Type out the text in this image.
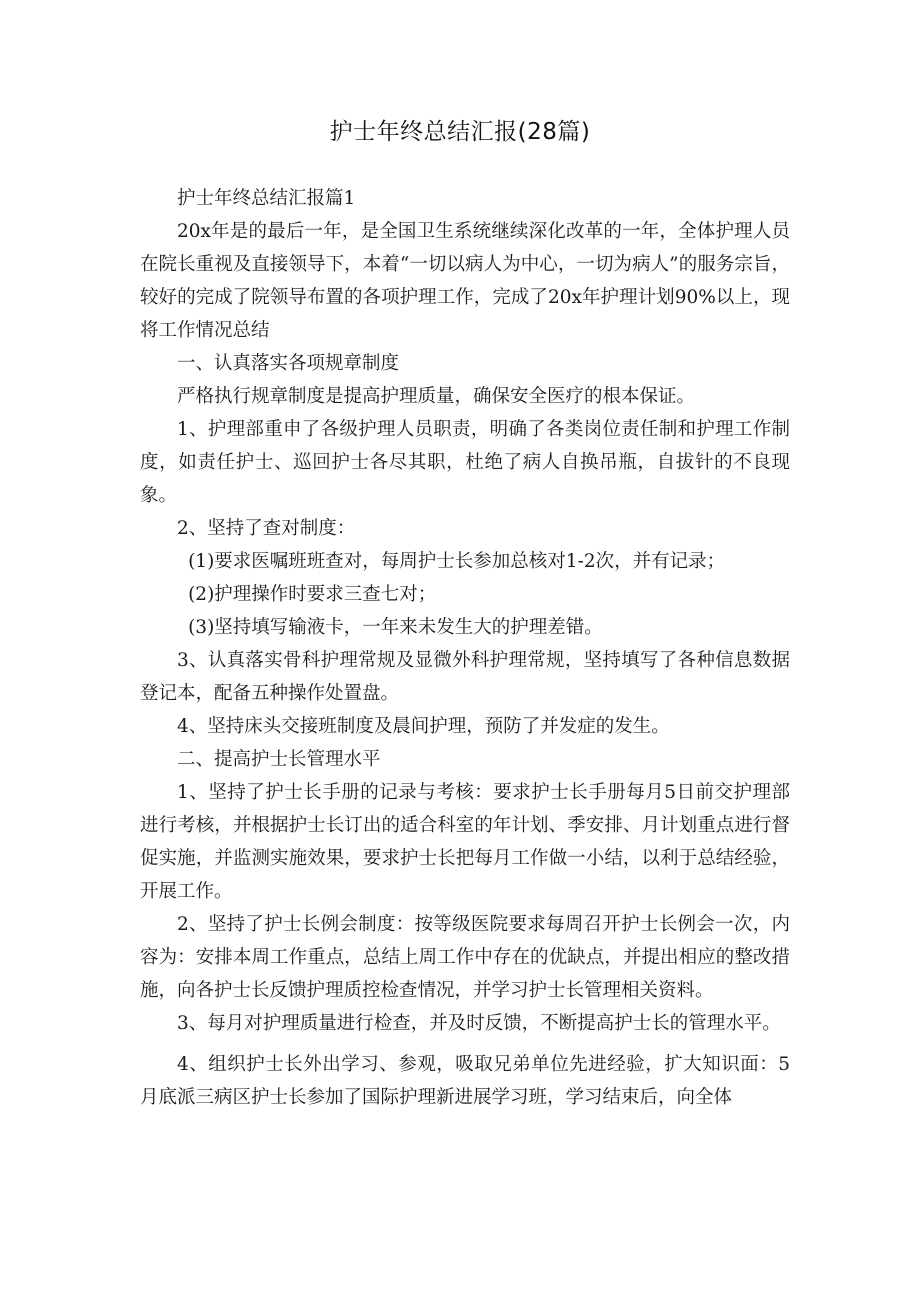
护士年终总结汇报(28篇)

护士年终总结汇报篇1

20x年是的最后一年，是全国卫生系统继续深化改革的一年，全体护理人员在院长重视及直接领导下，本着“一切以病人为中心，一切为病人”的服务宗旨，较好的完成了院领导布置的各项护理工作，完成了20x年护理计划90%以上，现将工作情况总结

一、认真落实各项规章制度

严格执行规章制度是提高护理质量，确保安全医疗的根本保证。

1、护理部重申了各级护理人员职责，明确了各类岗位责任制和护理工作制度，如责任护士、巡回护士各尽其职，杜绝了病人自换吊瓶，自拔针的不良现象。

2、坚持了查对制度：

(1)要求医嘱班班查对，每周护士长参加总核对1-2次，并有记录；

(2)护理操作时要求三查七对；

(3)坚持填写输液卡，一年来未发生大的护理差错。

3、认真落实骨科护理常规及显微外科护理常规，坚持填写了各种信息数据登记本，配备五种操作处置盘。

4、坚持床头交接班制度及晨间护理，预防了并发症的发生。

二、提高护士长管理水平

1、坚持了护士长手册的记录与考核：要求护士长手册每月5日前交护理部进行考核，并根据护士长订出的适合科室的年计划、季安排、月计划重点进行督促实施，并监测实施效果，要求护士长把每月工作做一小结，以利于总结经验，开展工作。

2、坚持了护士长例会制度：按等级医院要求每周召开护士长例会一次，内容为：安排本周工作重点，总结上周工作中存在的优缺点，并提出相应的整改措施，向各护士长反馈护理质控检查情况，并学习护士长管理相关资料。

3、每月对护理质量进行检查，并及时反馈，不断提高护士长的管理水平。

4、组织护士长外出学习、参观，吸取兄弟单位先进经验，扩大知识面：5月底派三病区护士长参加了国际护理新进展学习班，学习结束后，向全体
